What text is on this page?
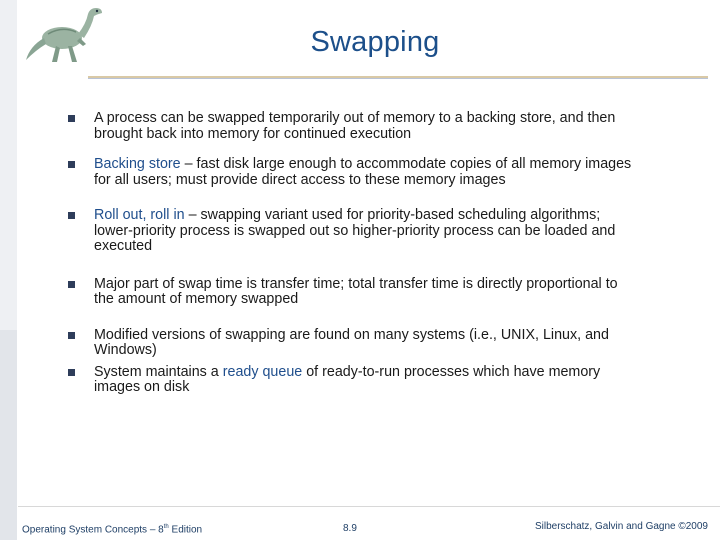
Swapping
A process can be swapped temporarily out of memory to a backing store, and then brought back into memory for continued execution
Backing store – fast disk large enough to accommodate copies of all memory images for all users; must provide direct access to these memory images
Roll out, roll in – swapping variant used for priority-based scheduling algorithms; lower-priority process is swapped out so higher-priority process can be loaded and executed
Major part of swap time is transfer time; total transfer time is directly proportional to the amount of memory swapped
Modified versions of swapping are found on many systems (i.e., UNIX, Linux, and Windows)
System maintains a ready queue of ready-to-run processes which have memory images on disk
Operating System Concepts – 8th Edition	8.9	Silberschatz, Galvin and Gagne ©2009
